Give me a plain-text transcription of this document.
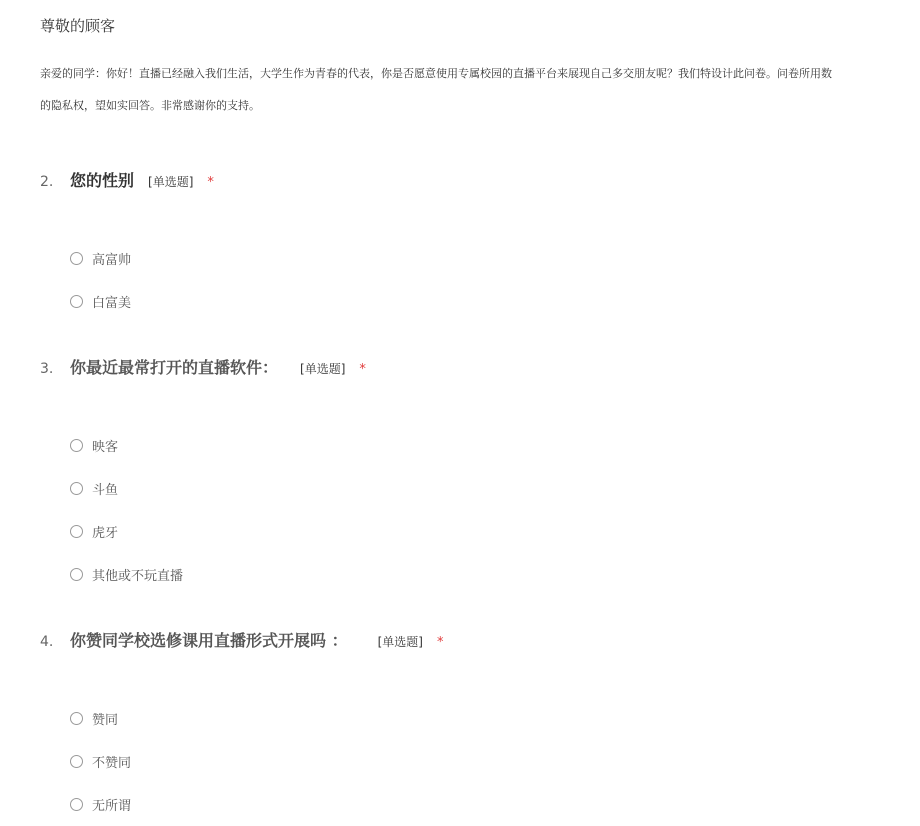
尊敬的顾客
亲爱的同学：你好！直播已经融入我们生活，大学生作为青春的代表，你是否愿意使用专属校园的直播平台来展现自己多交朋友呢？我们特设计此问卷。问卷所用数
的隐私权，望如实回答。非常感谢你的支持。
2.	您的性别 [单选题] *
高富帅
白富美
3.	你最近最常打开的直播软件： [单选题] *
映客
斗鱼
虎牙
其他或不玩直播
4.	你赞同学校选修课用直播形式开展吗 ：	[单选题] *
赞同
不赞同
无所谓
